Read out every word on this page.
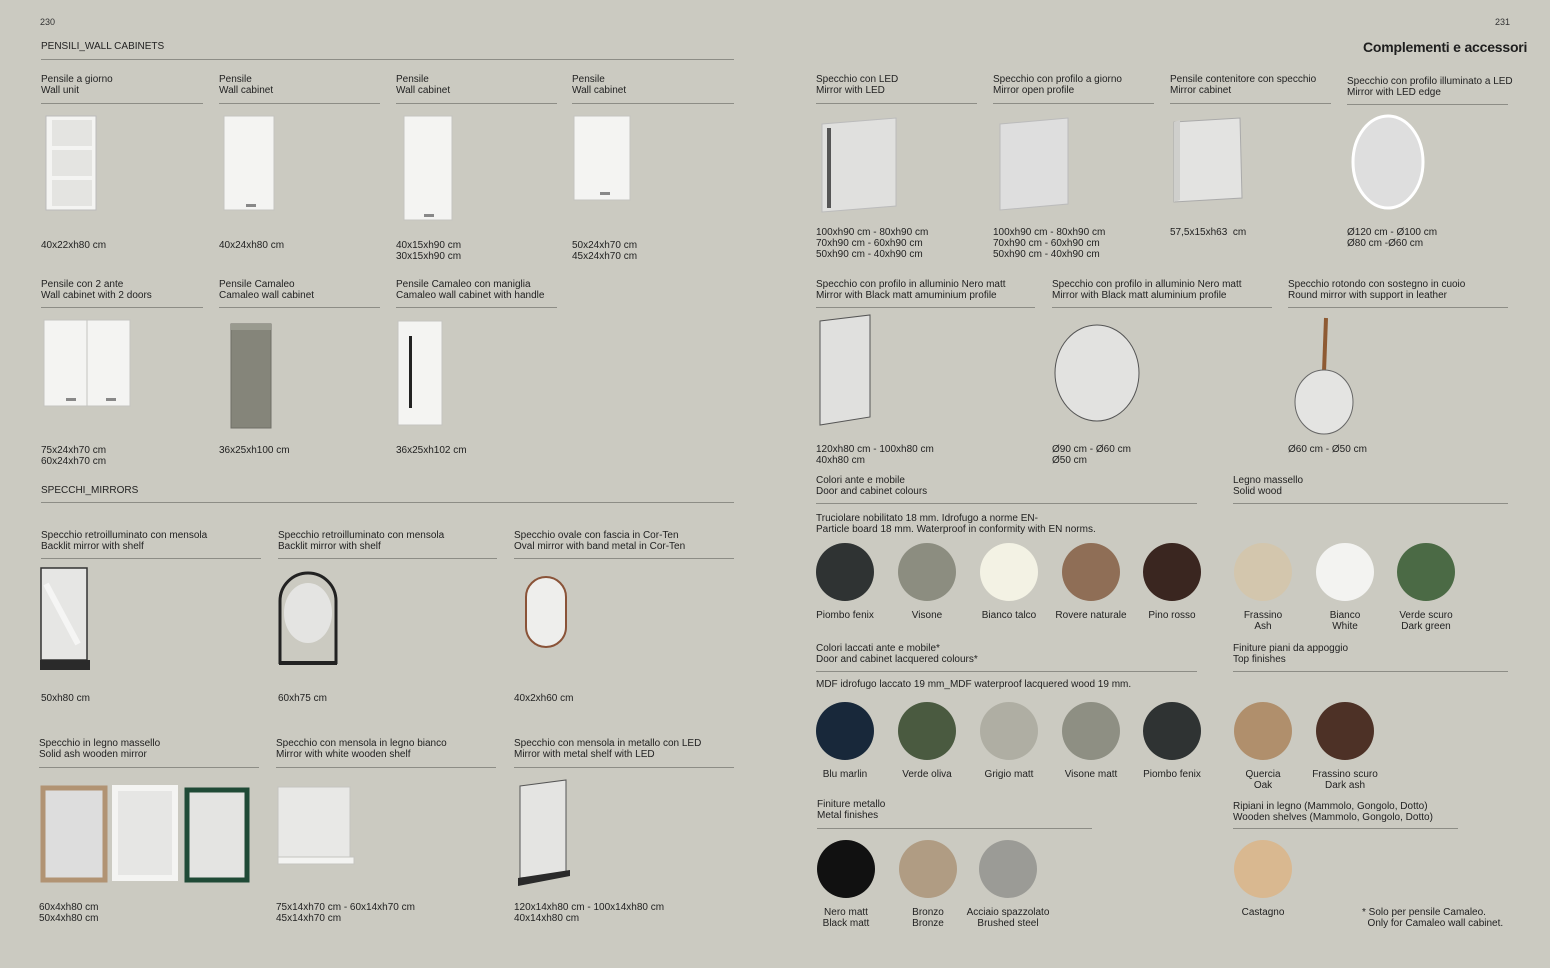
230	231
Complementi e accessori
PENSILI_WALL CABINETS
Pensile a giorno
Wall unit
Pensile
Wall cabinet
Pensile
Wall cabinet
Pensile
Wall cabinet
40x22xh80 cm	40x24xh80 cm	40x15xh90 cm
30x15xh90 cm
50x24xh70 cm
45x24xh70 cm
Pensile con 2 ante
Wall cabinet with 2 doors
Pensile Camaleo
Camaleo wall cabinet
Pensile Camaleo con maniglia
Camaleo wall cabinet with handle
75x24xh70 cm
60x24xh70 cm
36x25xh100 cm	36x25xh102 cm
SPECCHI_MIRRORS
Specchio retroilluminato con mensola
Backlit mirror with shelf
Specchio retroilluminato con mensola
Backlit mirror with shelf
Specchio ovale con fascia in Cor-Ten
Oval mirror with band metal in Cor-Ten
50xh80 cm	60xh75 cm	40x2xh60 cm
Specchio in legno massello
Solid ash wooden mirror
Specchio con mensola in legno bianco
Mirror with white wooden shelf
Specchio con mensola in metallo con LED
Mirror with metal shelf with LED
60x4xh80 cm
50x4xh80 cm
75x14xh70 cm - 60x14xh70 cm
45x14xh70 cm
120x14xh80 cm - 100x14xh80 cm
40x14xh80 cm
Specchio con LED
Mirror with LED
Specchio con profilo a giorno
Mirror open profile
Pensile contenitore con specchio
Mirror cabinet
Specchio con profilo illuminato a LED
Mirror with LED edge
100xh90 cm - 80xh90 cm
70xh90 cm - 60xh90 cm
50xh90 cm - 40xh90 cm
100xh90 cm - 80xh90 cm
70xh90 cm - 60xh90 cm
50xh90 cm - 40xh90 cm
57,5x15xh63  cm	Ø120 cm - Ø100 cm
Ø80 cm -Ø60 cm
Specchio con profilo in alluminio Nero matt
Mirror with Black matt amuminium profile
Specchio con profilo in alluminio Nero matt
Mirror with Black matt aluminium profile
Specchio rotondo con sostegno in cuoio
Round mirror with support in leather
120xh80 cm - 100xh80 cm
40xh80 cm
Ø90 cm - Ø60 cm
Ø50 cm
Ø60 cm - Ø50 cm
Colori ante e mobile
Door and cabinet colours
Legno massello
Solid wood
Truciolare nobilitato 18 mm. Idrofugo a norme EN-
Particle board 18 mm. Waterproof in conformity with EN norms.
Piombo fenix	Visone	Bianco talco	Rovere naturale	Pino rosso	Frassino
Ash
Bianco
White
Verde scuro
Dark green
Colori laccati ante e mobile*
Door and cabinet lacquered colours*
Finiture piani da appoggio
Top finishes
MDF idrofugo laccato 19 mm_MDF waterproof lacquered wood 19 mm.
Blu marlin	Verde oliva	Grigio matt	Visone matt	Piombo fenix	Quercia
Oak
Frassino scuro
Dark ash
Finiture metallo
Metal finishes
Ripiani in legno (Mammolo, Gongolo, Dotto)
Wooden shelves (Mammolo, Gongolo, Dotto)
Nero matt
Black matt
Bronzo
Bronze
Acciaio spazzolato
Brushed steel
Castagno	* Solo per pensile Camaleo.
Only for Camaleo wall cabinet.
